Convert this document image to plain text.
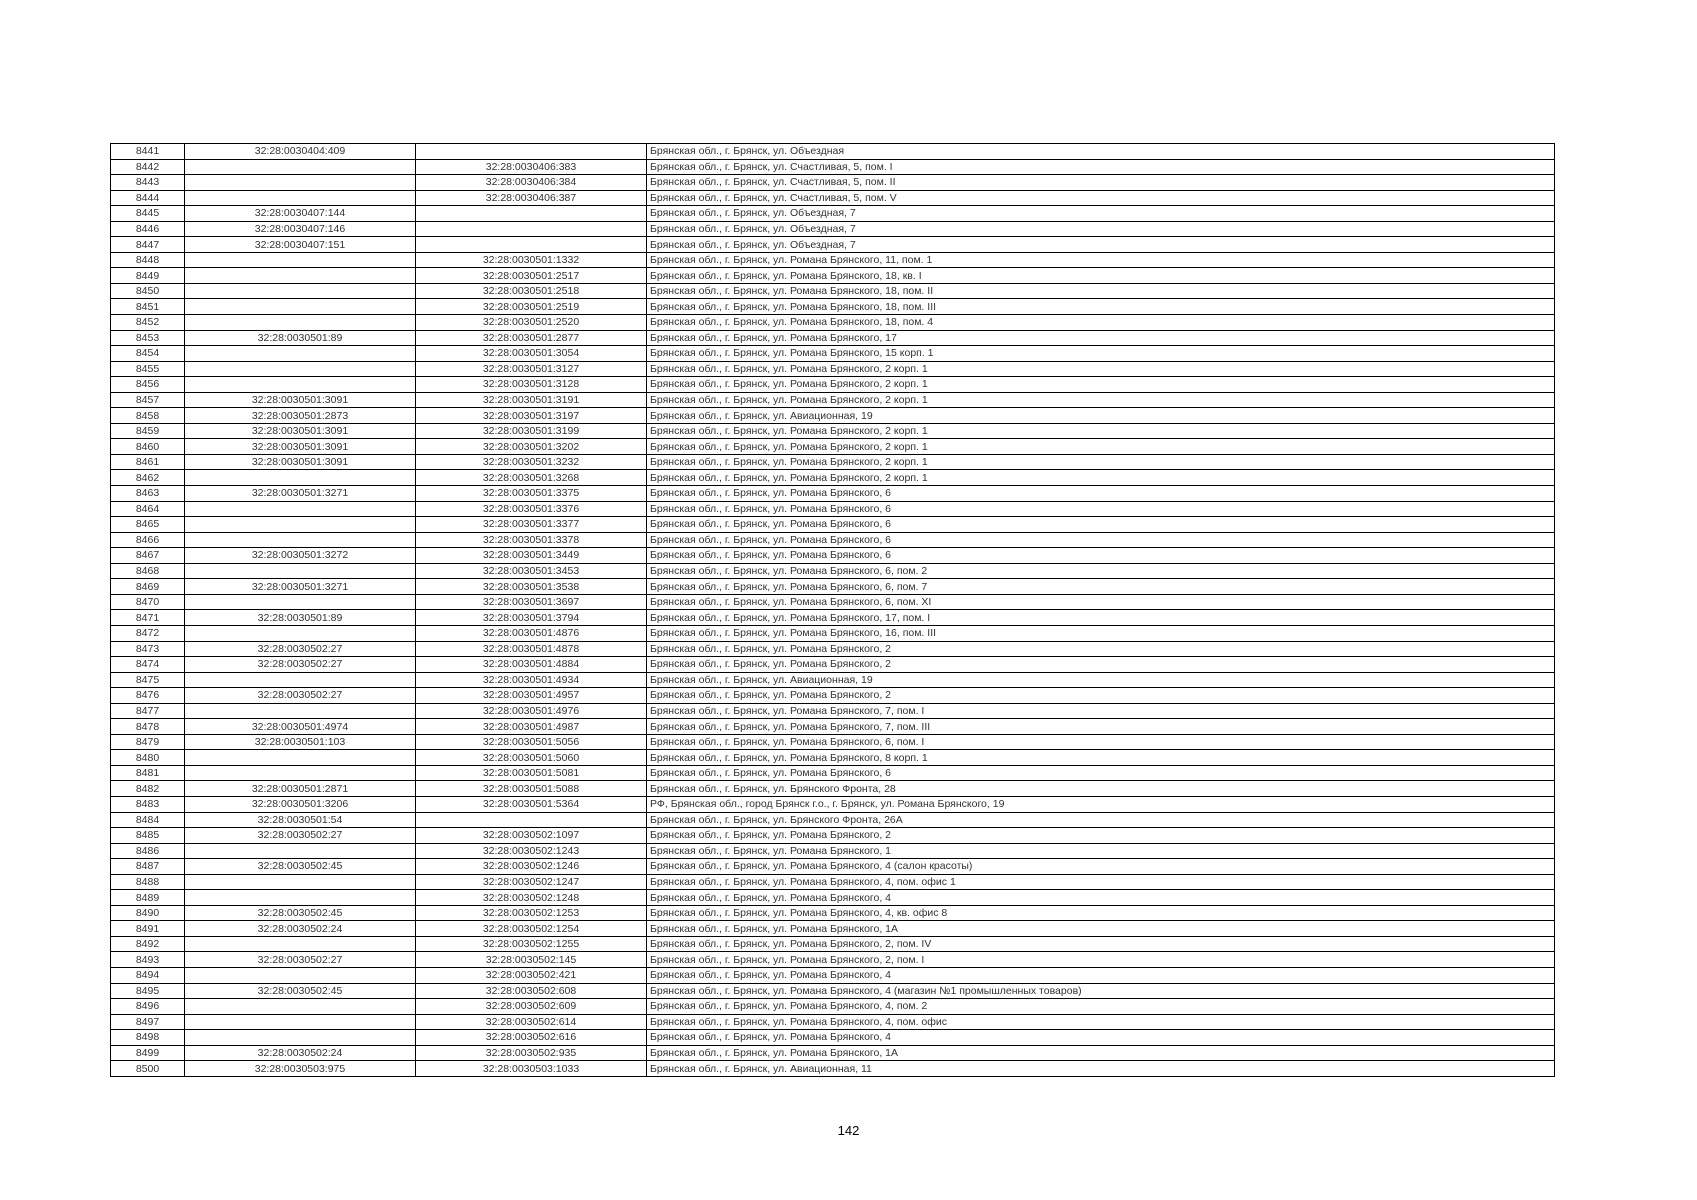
8441	32:28:0030404:409		Брянская обл., г. Брянск, ул. Объездная
8442		32:28:0030406:383	Брянская обл., г. Брянск, ул. Счастливая, 5, пом. I
8443		32:28:0030406:384	Брянская обл., г. Брянск, ул. Счастливая, 5, пом. II
8444		32:28:0030406:387	Брянская обл., г. Брянск, ул. Счастливая, 5, пом. V
8445	32:28:0030407:144		Брянская обл., г. Брянск, ул. Объездная, 7
8446	32:28:0030407:146		Брянская обл., г. Брянск, ул. Объездная, 7
8447	32:28:0030407:151		Брянская обл., г. Брянск, ул. Объездная, 7
8448		32:28:0030501:1332	Брянская обл., г. Брянск, ул. Романа Брянского, 11, пом. 1
8449		32:28:0030501:2517	Брянская обл., г. Брянск, ул. Романа Брянского, 18, кв. I
8450		32:28:0030501:2518	Брянская обл., г. Брянск, ул. Романа Брянского, 18, пом. II
8451		32:28:0030501:2519	Брянская обл., г. Брянск, ул. Романа Брянского, 18, пом. III
8452		32:28:0030501:2520	Брянская обл., г. Брянск, ул. Романа Брянского, 18, пом. 4
8453	32:28:0030501:89	32:28:0030501:2877	Брянская обл., г. Брянск, ул. Романа Брянского, 17
8454		32:28:0030501:3054	Брянская обл., г. Брянск, ул. Романа Брянского, 15 корп. 1
8455		32:28:0030501:3127	Брянская обл., г. Брянск, ул. Романа Брянского, 2 корп. 1
8456		32:28:0030501:3128	Брянская обл., г. Брянск, ул. Романа Брянского, 2 корп. 1
8457	32:28:0030501:3091	32:28:0030501:3191	Брянская обл., г. Брянск, ул. Романа Брянского, 2 корп. 1
8458	32:28:0030501:2873	32:28:0030501:3197	Брянская обл., г. Брянск, ул. Авиационная, 19
8459	32:28:0030501:3091	32:28:0030501:3199	Брянская обл., г. Брянск, ул. Романа Брянского, 2 корп. 1
8460	32:28:0030501:3091	32:28:0030501:3202	Брянская обл., г. Брянск, ул. Романа Брянского, 2 корп. 1
8461	32:28:0030501:3091	32:28:0030501:3232	Брянская обл., г. Брянск, ул. Романа Брянского, 2 корп. 1
8462		32:28:0030501:3268	Брянская обл., г. Брянск, ул. Романа Брянского, 2 корп. 1
8463	32:28:0030501:3271	32:28:0030501:3375	Брянская обл., г. Брянск, ул. Романа Брянского, 6
8464		32:28:0030501:3376	Брянская обл., г. Брянск, ул. Романа Брянского, 6
8465		32:28:0030501:3377	Брянская обл., г. Брянск, ул. Романа Брянского, 6
8466		32:28:0030501:3378	Брянская обл., г. Брянск, ул. Романа Брянского, 6
8467	32:28:0030501:3272	32:28:0030501:3449	Брянская обл., г. Брянск, ул. Романа Брянского, 6
8468		32:28:0030501:3453	Брянская обл., г. Брянск, ул. Романа Брянского, 6, пом. 2
8469	32:28:0030501:3271	32:28:0030501:3538	Брянская обл., г. Брянск, ул. Романа Брянского, 6, пом. 7
8470		32:28:0030501:3697	Брянская обл., г. Брянск, ул. Романа Брянского, 6, пом. XI
8471	32:28:0030501:89	32:28:0030501:3794	Брянская обл., г. Брянск, ул. Романа Брянского, 17, пом. I
8472		32:28:0030501:4876	Брянская обл., г. Брянск, ул. Романа Брянского, 16, пом. III
8473	32:28:0030502:27	32:28:0030501:4878	Брянская обл., г. Брянск, ул. Романа Брянского, 2
8474	32:28:0030502:27	32:28:0030501:4884	Брянская обл., г. Брянск, ул. Романа Брянского, 2
8475		32:28:0030501:4934	Брянская обл., г. Брянск, ул. Авиационная, 19
8476	32:28:0030502:27	32:28:0030501:4957	Брянская обл., г. Брянск, ул. Романа Брянского, 2
8477		32:28:0030501:4976	Брянская обл., г. Брянск, ул. Романа Брянского, 7, пом. I
8478	32:28:0030501:4974	32:28:0030501:4987	Брянская обл., г. Брянск, ул. Романа Брянского, 7, пом. III
8479	32:28:0030501:103	32:28:0030501:5056	Брянская обл., г. Брянск, ул. Романа Брянского, 6, пом. I
8480		32:28:0030501:5060	Брянская обл., г. Брянск, ул. Романа Брянского, 8 корп. 1
8481		32:28:0030501:5081	Брянская обл., г. Брянск, ул. Романа Брянского, 6
8482	32:28:0030501:2871	32:28:0030501:5088	Брянская обл., г. Брянск, ул. Брянского Фронта, 28
8483	32:28:0030501:3206	32:28:0030501:5364	РФ, Брянская обл., город Брянск г.о., г. Брянск, ул. Романа Брянского, 19
8484	32:28:0030501:54		Брянская обл., г. Брянск, ул. Брянского Фронта, 26А
8485	32:28:0030502:27	32:28:0030502:1097	Брянская обл., г. Брянск, ул. Романа Брянского, 2
8486		32:28:0030502:1243	Брянская обл., г. Брянск, ул. Романа Брянского, 1
8487	32:28:0030502:45	32:28:0030502:1246	Брянская обл., г. Брянск, ул. Романа Брянского, 4 (салон красоты)
8488		32:28:0030502:1247	Брянская обл., г. Брянск, ул. Романа Брянского, 4, пом. офис 1
8489		32:28:0030502:1248	Брянская обл., г. Брянск, ул. Романа Брянского, 4
8490	32:28:0030502:45	32:28:0030502:1253	Брянская обл., г. Брянск, ул. Романа Брянского, 4, кв. офис 8
8491	32:28:0030502:24	32:28:0030502:1254	Брянская обл., г. Брянск, ул. Романа Брянского, 1А
8492		32:28:0030502:1255	Брянская обл., г. Брянск, ул. Романа Брянского, 2, пом. IV
8493	32:28:0030502:27	32:28:0030502:145	Брянская обл., г. Брянск, ул. Романа Брянского, 2, пом. I
8494		32:28:0030502:421	Брянская обл., г. Брянск, ул. Романа Брянского, 4
8495	32:28:0030502:45	32:28:0030502:608	Брянская обл., г. Брянск, ул. Романа Брянского, 4 (магазин №1 промышленных товаров)
8496		32:28:0030502:609	Брянская обл., г. Брянск, ул. Романа Брянского, 4, пом. 2
8497		32:28:0030502:614	Брянская обл., г. Брянск, ул. Романа Брянского, 4, пом. офис
8498		32:28:0030502:616	Брянская обл., г. Брянск, ул. Романа Брянского, 4
8499	32:28:0030502:24	32:28:0030502:935	Брянская обл., г. Брянск, ул. Романа Брянского, 1А
8500	32:28:0030503:975	32:28:0030503:1033	Брянская обл., г. Брянск, ул. Авиационная, 11
142
